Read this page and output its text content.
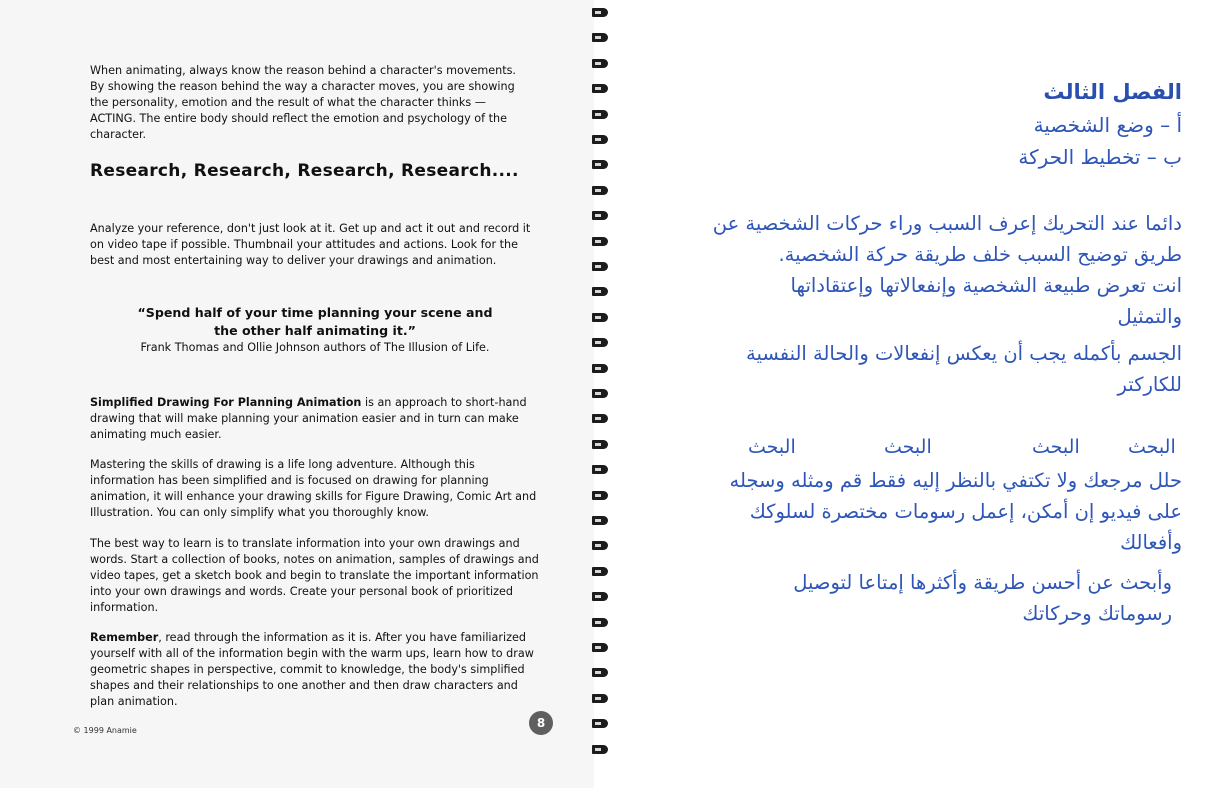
When animating, always know the reason behind a character's movements. By showing the reason behind the way a character moves, you are showing the personality, emotion and the result of what the character thinks — ACTING. The entire body should reflect the emotion and psychology of the character.
Research, Research, Research, Research....
Analyze your reference, don't just look at it. Get up and act it out and record it on video tape if possible. Thumbnail your attitudes and actions. Look for the best and most entertaining way to deliver your drawings and animation.
“Spend half of your time planning your scene and
the other half animating it.”
Frank Thomas and Ollie Johnson authors of The Illusion of Life.
Simplified Drawing For Planning Animation is an approach to short-hand drawing that will make planning your animation easier and in turn can make animating much easier.
Mastering the skills of drawing is a life long adventure. Although this information has been simplified and is focused on drawing for planning animation, it will enhance your drawing skills for Figure Drawing, Comic Art and Illustration. You can only simplify what you thoroughly know.
The best way to learn is to translate information into your own drawings and words. Start a collection of books, notes on animation, samples of drawings and video tapes, get a sketch book and begin to translate the important information into your own drawings and words. Create your personal book of prioritized information.
Remember, read through the information as it is. After you have familiarized yourself with all of the information begin with the warm ups, learn how to draw geometric shapes in perspective, commit to knowledge, the body's simplified shapes and their relationships to one another and then draw characters and plan animation.
© 1999 Anamie
8
الفصل الثالث
أ – وضع الشخصية
ب – تخطيط الحركة
دائما عند التحريك إعرف السبب وراء حركات الشخصية عن
طريق توضيح السبب خلف طريقة حركة الشخصية.
انت تعرض طبيعة الشخصية وإنفعالاتها وإعتقاداتها
والتمثيل
الجسم بأكمله يجب أن يعكس إنفعالات والحالة النفسية
للكاركتر
البحث
البحث
البحث
البحث
حلل مرجعك ولا تكتفي بالنظر إليه فقط قم ومثله وسجله
على فيديو إن أمكن، إعمل رسومات مختصرة لسلوكك
وأفعالك
وأبحث عن أحسن طريقة وأكثرها إمتاعا لتوصيل
رسوماتك وحركاتك
